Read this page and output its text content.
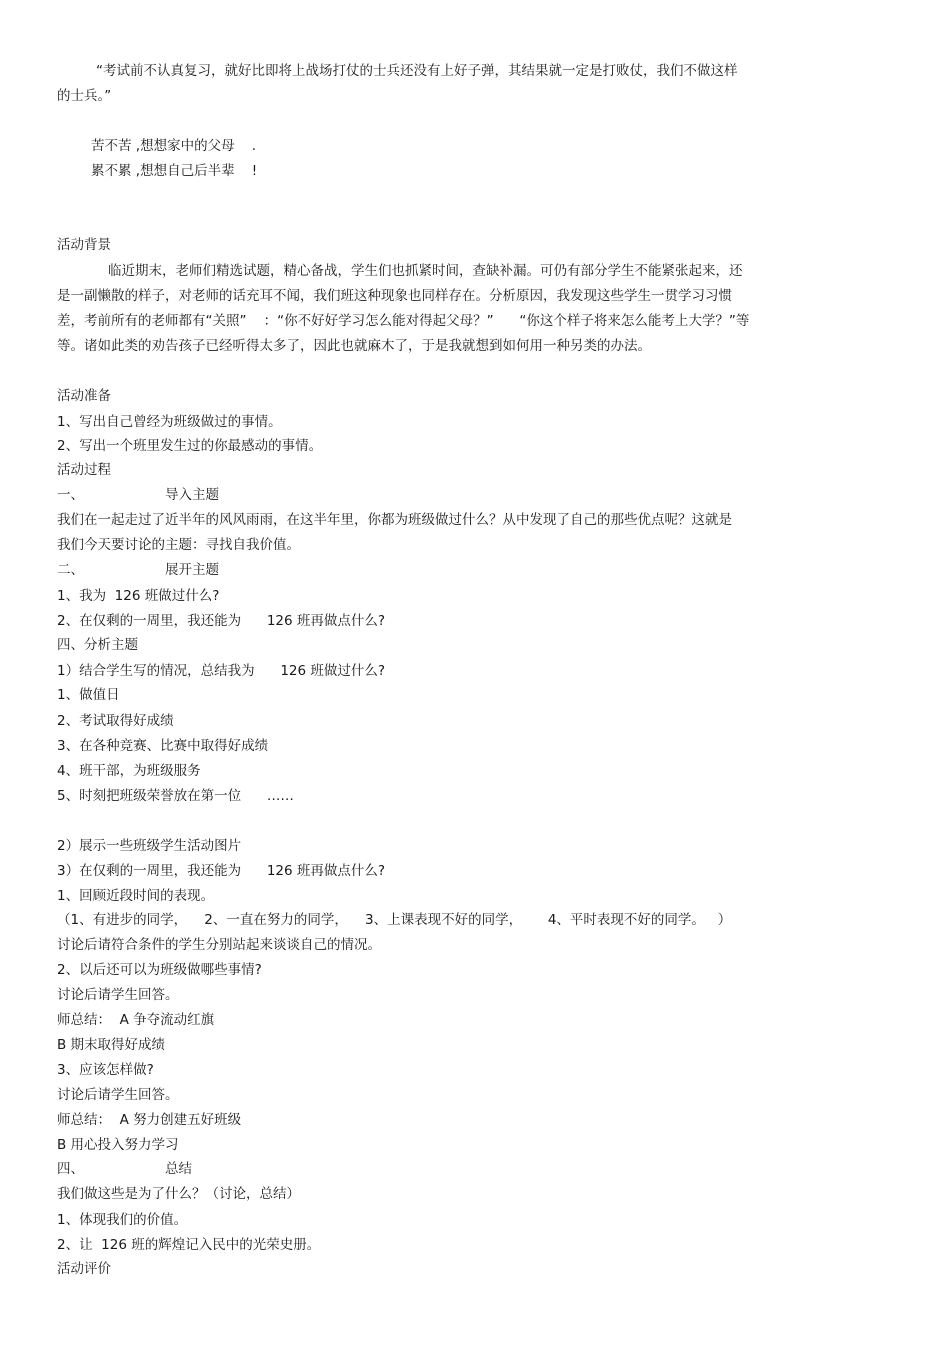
“考试前不认真复习，就好比即将上战场打仗的士兵还没有上好子弹，其结果就一定是打败仗，我们不做这样
的士兵。”
苦不苦 ,想想家中的父母    .
累不累 ,想想自己后半辈    !
活动背景
临近期末，老师们精选试题，精心备战，学生们也抓紧时间，查缺补漏。可仍有部分学生不能紧张起来，还
是一副懒散的样子，对老师的话充耳不闻，我们班这种现象也同样存在。分析原因，我发现这些学生一贯学习习惯
差，考前所有的老师都有“关照”    ：“你不好好学习怎么能对得起父母？”      “你这个样子将来怎么能考上大学？”等
等。诸如此类的劝告孩子已经听得太多了，因此也就麻木了，于是我就想到如何用一种另类的办法。
活动准备
1、写出自己曾经为班级做过的事情。
2、写出一个班里发生过的你最感动的事情。
活动过程
一、	导入主题
我们在一起走过了近半年的风风雨雨，在这半年里，你都为班级做过什么？从中发现了自己的那些优点呢？这就是
我们今天要讨论的主题：寻找自我价值。
二、	展开主题
1、我为  126 班做过什么?
2、在仅剩的一周里，我还能为      126 班再做点什么?
四、分析主题
1）结合学生写的情况，总结我为      126 班做过什么?
1、做值日
2、考试取得好成绩
3、在各种竞赛、比赛中取得好成绩
4、班干部，为班级服务
5、时刻把班级荣誉放在第一位      ……
2）展示一些班级学生活动图片
3）在仅剩的一周里，我还能为      126 班再做点什么?
1、回顾近段时间的表现。
（1、有进步的同学，    2、一直在努力的同学，    3、上课表现不好的同学，      4、平时表现不好的同学。   ）
讨论后请符合条件的学生分别站起来谈谈自己的情况。
2、以后还可以为班级做哪些事情?
讨论后请学生回答。
师总结：  A 争夺流动红旗
B 期末取得好成绩
3、应该怎样做?
讨论后请学生回答。
师总结：  A 努力创建五好班级
B 用心投入努力学习
四、	总结
我们做这些是为了什么？（讨论，总结）
1、体现我们的价值。
2、让  126 班的辉煌记入民中的光荣史册。
活动评价
